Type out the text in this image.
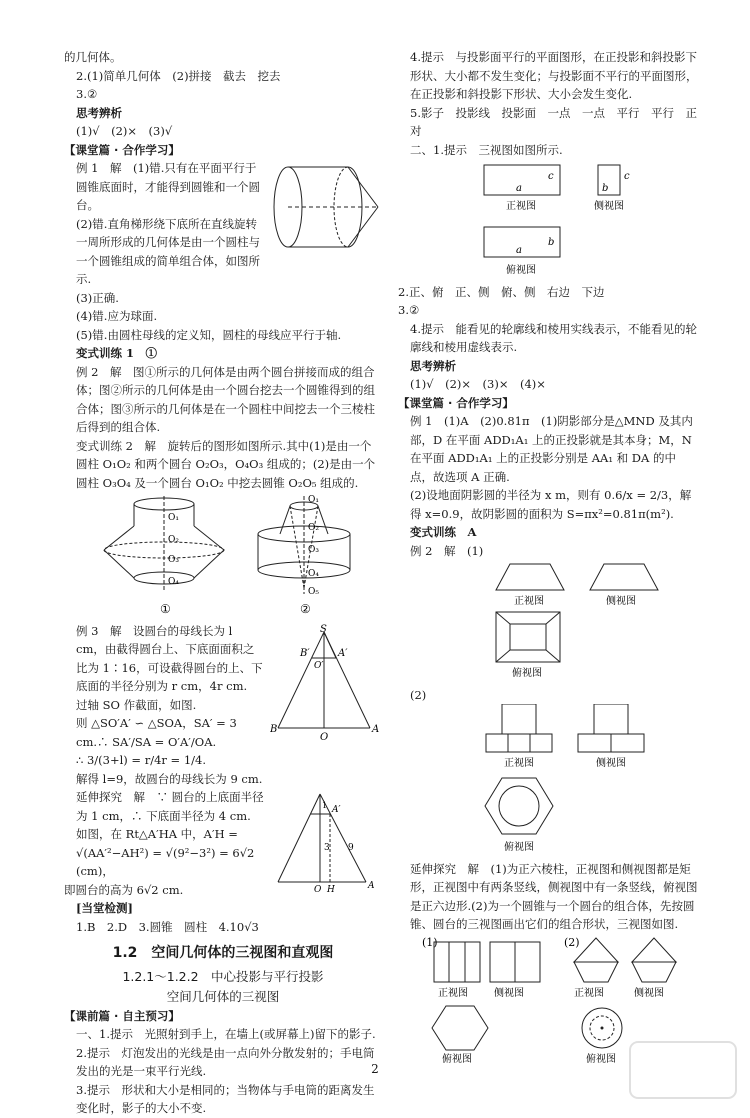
的几何体。

2.(1)简单几何体　(2)拼接　截去　挖去

3.②

思考辨析

(1)√　(2)×　(3)√

【课堂篇 · 合作学习】

例 1　解　(1)错.只有在平面平行于圆锥底面时，才能得到圆锥和一个圆台。

(2)错.直角梯形绕下底所在直线旋转一周所形成的几何体是由一个圆柱与一个圆锥组成的简单组合体，如图所示.

(3)正确.

(4)错.应为球面.

(5)错.由圆柱母线的定义知，圆柱的母线应平行于轴.

变式训练 1　①

例 2　解　图①所示的几何体是由两个圆台拼接而成的组合体；图②所示的几何体是由一个圆台挖去一个圆锥得到的组合体；图③所示的几何体是在一个圆柱中间挖去一个三棱柱后得到的组合体.

变式训练 2　解　旋转后的图形如图所示.其中(1)是由一个圆柱 O₁O₂ 和两个圆台 O₂O₃，O₄O₃ 组成的；(2)是由一个圆柱 O₃O₄ 及一个圆台 O₁O₂ 中挖去圆锥 O₂O₅ 组成的.

O₁
O₂
O₃
O₄
①
O₁
O₂
O₃
O₄
O₅
②
S
B′	A′
O′
B	A
O

例 3　解　设圆台的母线长为 l cm，由截得圆台上、下底面面积之比为 1∶16，可设截得圆台的上、下底面的半径分别为 r cm，4r cm.

过轴 SO 作截面，如图.

则 △SO′A′ ∽ △SOA，SA′ = 3 cm.∴ SA′/SA = O′A′/OA.

∴ 3/(3+l) = r/4r = 1/4.

解得 l=9，故圆台的母线长为 9 cm.

A′
1
9
3
O H	A

延伸探究　解　∵ 圆台的上底面半径为 1 cm，∴ 下底面半径为 4 cm.

如图，在 Rt△A′HA 中，A′H = √(AA′²−AH²) = √(9²−3²) = 6√2 (cm)，

即圆台的高为 6√2 cm.

[当堂检测]

1.B　2.D　3.圆锥　圆柱　4.10√3

1.2　空间几何体的三视图和直观图

1.2.1～1.2.2　中心投影与平行投影

空间几何体的三视图

【课前篇 · 自主预习】

一、1.提示　光照射到手上，在墙上(或屏幕上)留下的影子.

2.提示　灯泡发出的光线是由一点向外分散发射的；手电筒发出的光是一束平行光线.

3.提示　形状和大小是相同的；当物体与手电筒的距离发生变化时，影子的大小不变.

4.提示　与投影面平行的平面图形，在正投影和斜投影下形状、大小都不发生变化；与投影面不平行的平面图形，在正投影和斜投影下形状、大小会发生变化.

5.影子　投影线　投影面　一点　一点　平行　平行　正对

二、1.提示　三视图如图所示.

a
c
正视图
b
c
侧视图
a
b
俯视图

2.正、俯　正、侧　俯、侧　右边　下边

3.②

4.提示　能看见的轮廓线和棱用实线表示，不能看见的轮廓线和棱用虚线表示.

思考辨析

(1)√　(2)×　(3)×　(4)×

【课堂篇 · 合作学习】

例 1　(1)A　(2)0.81π　(1)阴影部分是△MND 及其内部，D 在平面 ADD₁A₁ 上的正投影就是其本身；M，N 在平面 ADD₁A₁ 上的正投影分别是 AA₁ 和 DA 的中点，故选项 A 正确.

(2)设地面阴影圆的半径为 x m，则有 0.6/x = 2/3，解得 x=0.9，故阴影圆的面积为 S=πx²=0.81π(m²).

变式训练　A

例 2　解　(1)

正视图	侧视图
俯视图

(2)

正视图	侧视图
俯视图

延伸探究　解　(1)为正六棱柱，正视图和侧视图都是矩形，正视图中有两条竖线，侧视图中有一条竖线，俯视图是正六边形.(2)为一个圆锥与一个圆台的组合体，先按圆锥、圆台的三视图画出它们的组合形状，三视图如图.

(1)
正视图	侧视图
俯视图
(2)
正视图	侧视图
俯视图
2
